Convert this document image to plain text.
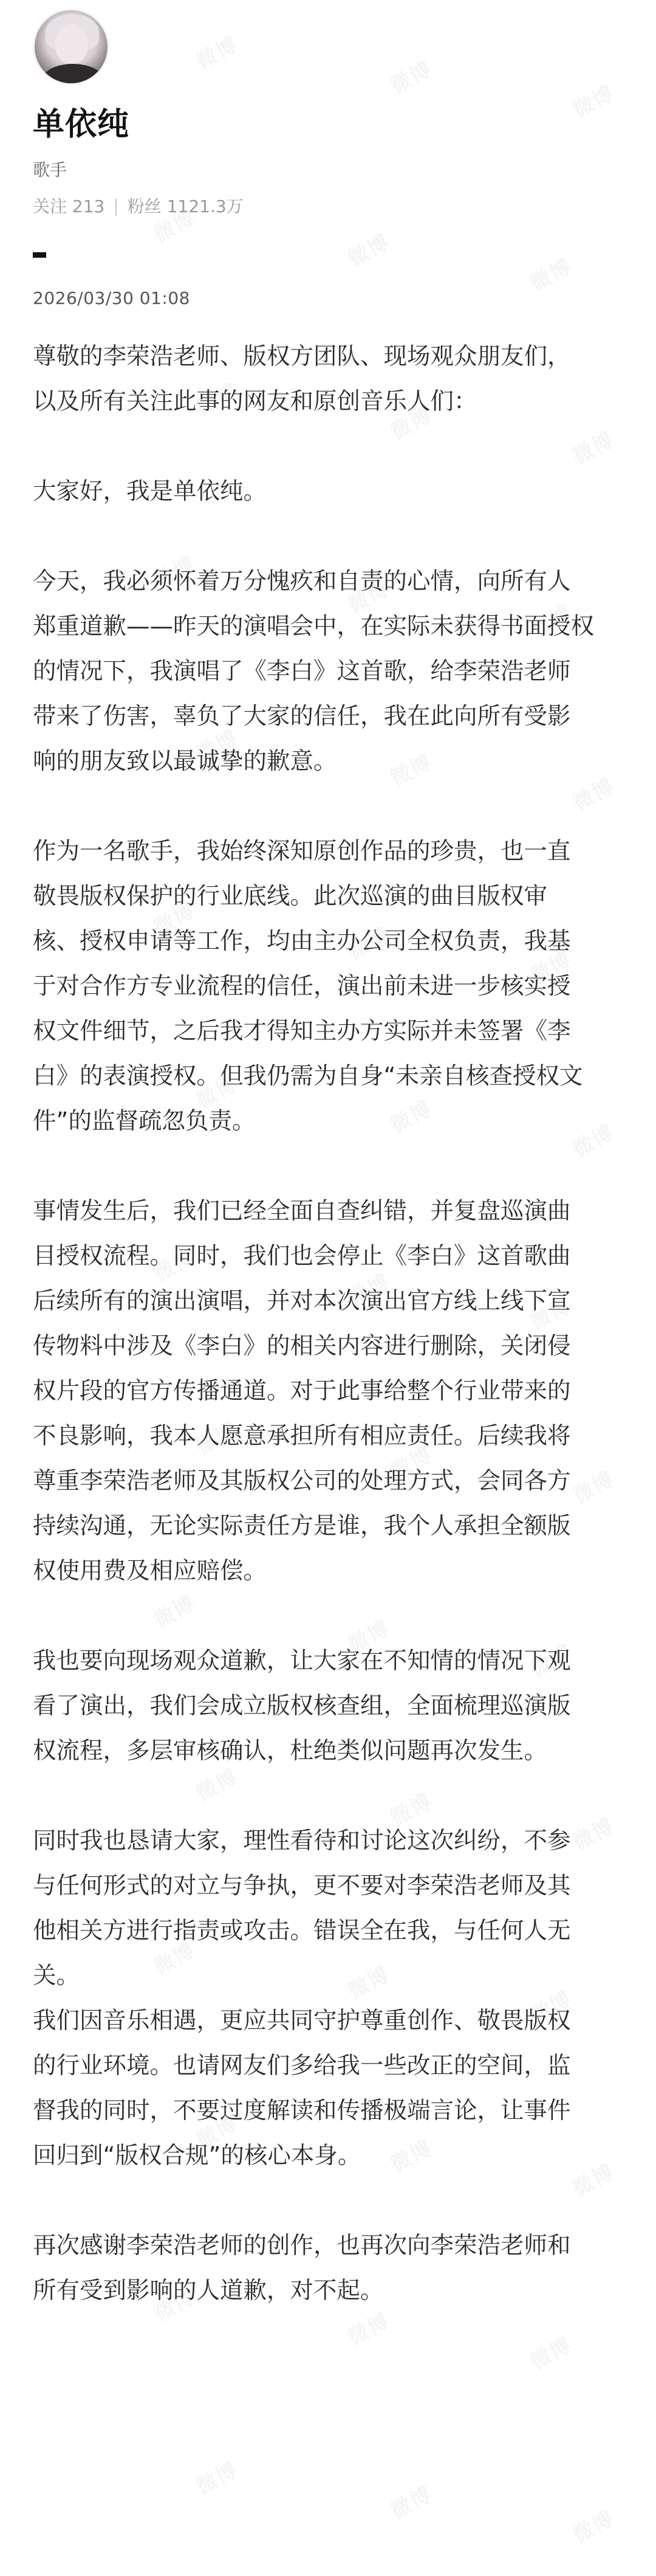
单依纯
歌手
关注 213 | 粉丝 1121.3万
2026/03/30 01:08

尊敬的李荣浩老师、版权方团队、现场观众朋友们，
以及所有关注此事的网友和原创音乐人们：

大家好，我是单依纯。

今天，我必须怀着万分愧疚和自责的心情，向所有人
郑重道歉——昨天的演唱会中，在实际未获得书面授权
的情况下，我演唱了《李白》这首歌，给李荣浩老师
带来了伤害，辜负了大家的信任，我在此向所有受影
响的朋友致以最诚挚的歉意。

作为一名歌手，我始终深知原创作品的珍贵，也一直
敬畏版权保护的行业底线。此次巡演的曲目版权审
核、授权申请等工作，均由主办公司全权负责，我基
于对合作方专业流程的信任，演出前未进一步核实授
权文件细节，之后我才得知主办方实际并未签署《李
白》的表演授权。但我仍需为自身“未亲自核查授权文
件”的监督疏忽负责。

事情发生后，我们已经全面自查纠错，并复盘巡演曲
目授权流程。同时，我们也会停止《李白》这首歌曲
后续所有的演出演唱，并对本次演出官方线上线下宣
传物料中涉及《李白》的相关内容进行删除，关闭侵
权片段的官方传播通道。对于此事给整个行业带来的
不良影响，我本人愿意承担所有相应责任。后续我将
尊重李荣浩老师及其版权公司的处理方式，会同各方
持续沟通，无论实际责任方是谁，我个人承担全额版
权使用费及相应赔偿。

我也要向现场观众道歉，让大家在不知情的情况下观
看了演出，我们会成立版权核查组，全面梳理巡演版
权流程，多层审核确认，杜绝类似问题再次发生。

同时我也恳请大家，理性看待和讨论这次纠纷，不参
与任何形式的对立与争执，更不要对李荣浩老师及其
他相关方进行指责或攻击。错误全在我，与任何人无
关。

我们因音乐相遇，更应共同守护尊重创作、敬畏版权
的行业环境。也请网友们多给我一些改正的空间，监
督我的同时，不要过度解读和传播极端言论，让事件
回归到“版权合规”的核心本身。

再次感谢李荣浩老师的创作，也再次向李荣浩老师和
所有受到影响的人道歉，对不起。
